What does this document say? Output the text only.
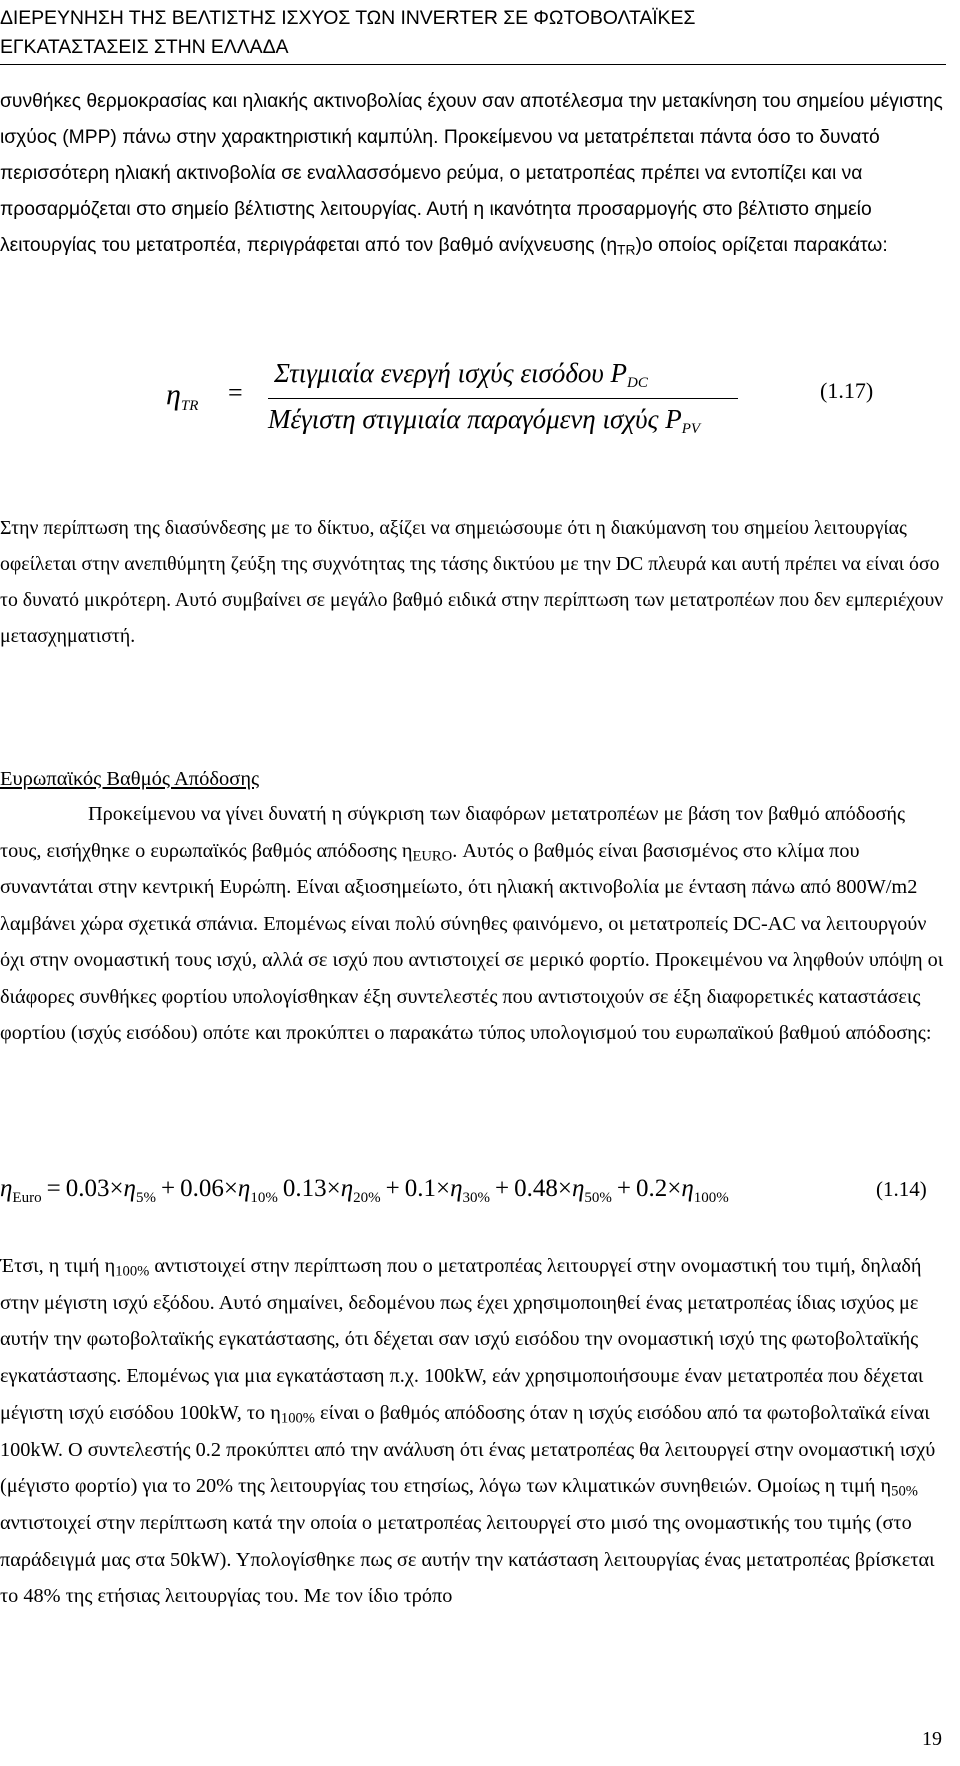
ΔΙΕΡΕΥΝΗΣΗ ΤΗΣ ΒΕΛΤΙΣΤΗΣ ΙΣΧΥΟΣ ΤΩΝ INVERTER ΣΕ ΦΩΤΟΒΟΛΤΑΪΚΕΣ
ΕΓΚΑΤΑΣΤΑΣΕΙΣ ΣΤΗΝ ΕΛΛΑΔΑ

συνθήκες θερμοκρασίας και ηλιακής ακτινοβολίας έχουν σαν αποτέλεσμα την μετακίνηση του σημείου μέγιστης ισχύος (MPP) πάνω στην χαρακτηριστική καμπύλη. Προκείμενου να μετατρέπεται πάντα όσο το δυνατό περισσότερη ηλιακή ακτινοβολία σε εναλλασσόμενο ρεύμα, ο μετατροπέας πρέπει να εντοπίζει και να προσαρμόζεται στο σημείο βέλτιστης λειτουργίας. Αυτή η ικανότητα προσαρμογής στο βέλτιστο σημείο λειτουργίας του μετατροπέα, περιγράφεται από τον βαθμό ανίχνευσης $(\eta_{TR})o$ οποίος ορίζεται παρακάτω:

$\eta_{TR}$ =
Στιγμιαία ενεργή ισχύς εισόδου $P_{DC}$
Μέγιστη στιγμιαία παραγόμενη ισχύς $P_{PV}$
(1.17)

Στην περίπτωση της διασύνδεσης με το δίκτυο, αξίζει να σημειώσουμε ότι η διακύμανση του σημείου λειτουργίας οφείλεται στην ανεπιθύμητη ζεύξη της συχνότητας της τάσης δικτύου με την DC πλευρά και αυτή πρέπει να είναι όσο το δυνατό μικρότερη. Αυτό συμβαίνει σε μεγάλο βαθμό ειδικά στην περίπτωση των μετατροπέων που δεν εμπεριέχουν μετασχηματιστή.

Ευρωπαϊκός Βαθμός Απόδοσης

Προκείμενου να γίνει δυνατή η σύγκριση των διαφόρων μετατροπέων με βάση τον βαθμό απόδοσής τους, εισήχθηκε ο ευρωπαϊκός βαθμός απόδοσης $\eta_{EURO}$. Αυτός ο βαθμός είναι βασισμένος στο κλίμα που συναντάται στην κεντρική Ευρώπη. Είναι αξιοσημείωτο, ότι ηλιακή ακτινοβολία με ένταση πάνω από 800W/m2 λαμβάνει χώρα σχετικά σπάνια. Επομένως είναι πολύ σύνηθες φαινόμενο, οι μετατροπείς DC-AC να λειτουργούν όχι στην ονομαστική τους ισχύ, αλλά σε ισχύ που αντιστοιχεί σε μερικό φορτίο. Προκειμένου να ληφθούν υπόψη οι διάφορες συνθήκες φορτίου υπολογίσθηκαν έξη συντελεστές που αντιστοιχούν σε έξη διαφορετικές καταστάσεις φορτίου (ισχύς εισόδου) οπότε και προκύπτει ο παρακάτω τύπος υπολογισμού του ευρωπαϊκού βαθμού απόδοσης:

$\eta_{Euro} = 0.03\times\eta_{5\%} + 0.06\times\eta_{10\%}$  $0.13\times\eta_{20\%} + 0.1\times\eta_{30\%} + 0.48\times\eta_{50\%} + 0.2\times\eta_{100\%}$	(1.14)

Έτσι, η τιμή $\eta_{100\%}$ αντιστοιχεί στην περίπτωση που ο μετατροπέας λειτουργεί στην ονομαστική του τιμή, δηλαδή στην μέγιστη ισχύ εξόδου. Αυτό σημαίνει, δεδομένου πως έχει χρησιμοποιηθεί ένας μετατροπέας ίδιας ισχύος με αυτήν την φωτοβολταϊκής εγκατάστασης, ότι δέχεται σαν ισχύ εισόδου την ονομαστική ισχύ της φωτοβολταϊκής εγκατάστασης. Επομένως για μια εγκατάσταση π.χ. 100kW, εάν χρησιμοποιήσουμε έναν μετατροπέα που δέχεται μέγιστη ισχύ εισόδου 100kW, το $\eta_{100\%}$ είναι ο βαθμός απόδοσης όταν η ισχύς εισόδου από τα φωτοβολταϊκά είναι 100kW. Ο συντελεστής 0.2 προκύπτει από την ανάλυση ότι ένας μετατροπέας θα λειτουργεί στην ονομαστική ισχύ (μέγιστο φορτίο) για το 20% της λειτουργίας του ετησίως, λόγω των κλιματικών συνηθειών. Ομοίως η τιμή $\eta_{50\%}$ αντιστοιχεί στην περίπτωση κατά την οποία ο μετατροπέας λειτουργεί στο μισό της ονομαστικής του τιμής (στο παράδειγμά μας στα 50kW). Υπολογίσθηκε πως σε αυτήν την κατάσταση λειτουργίας ένας μετατροπέας βρίσκεται το 48% της ετήσιας λειτουργίας του. Με τον ίδιο τρόπο

19
